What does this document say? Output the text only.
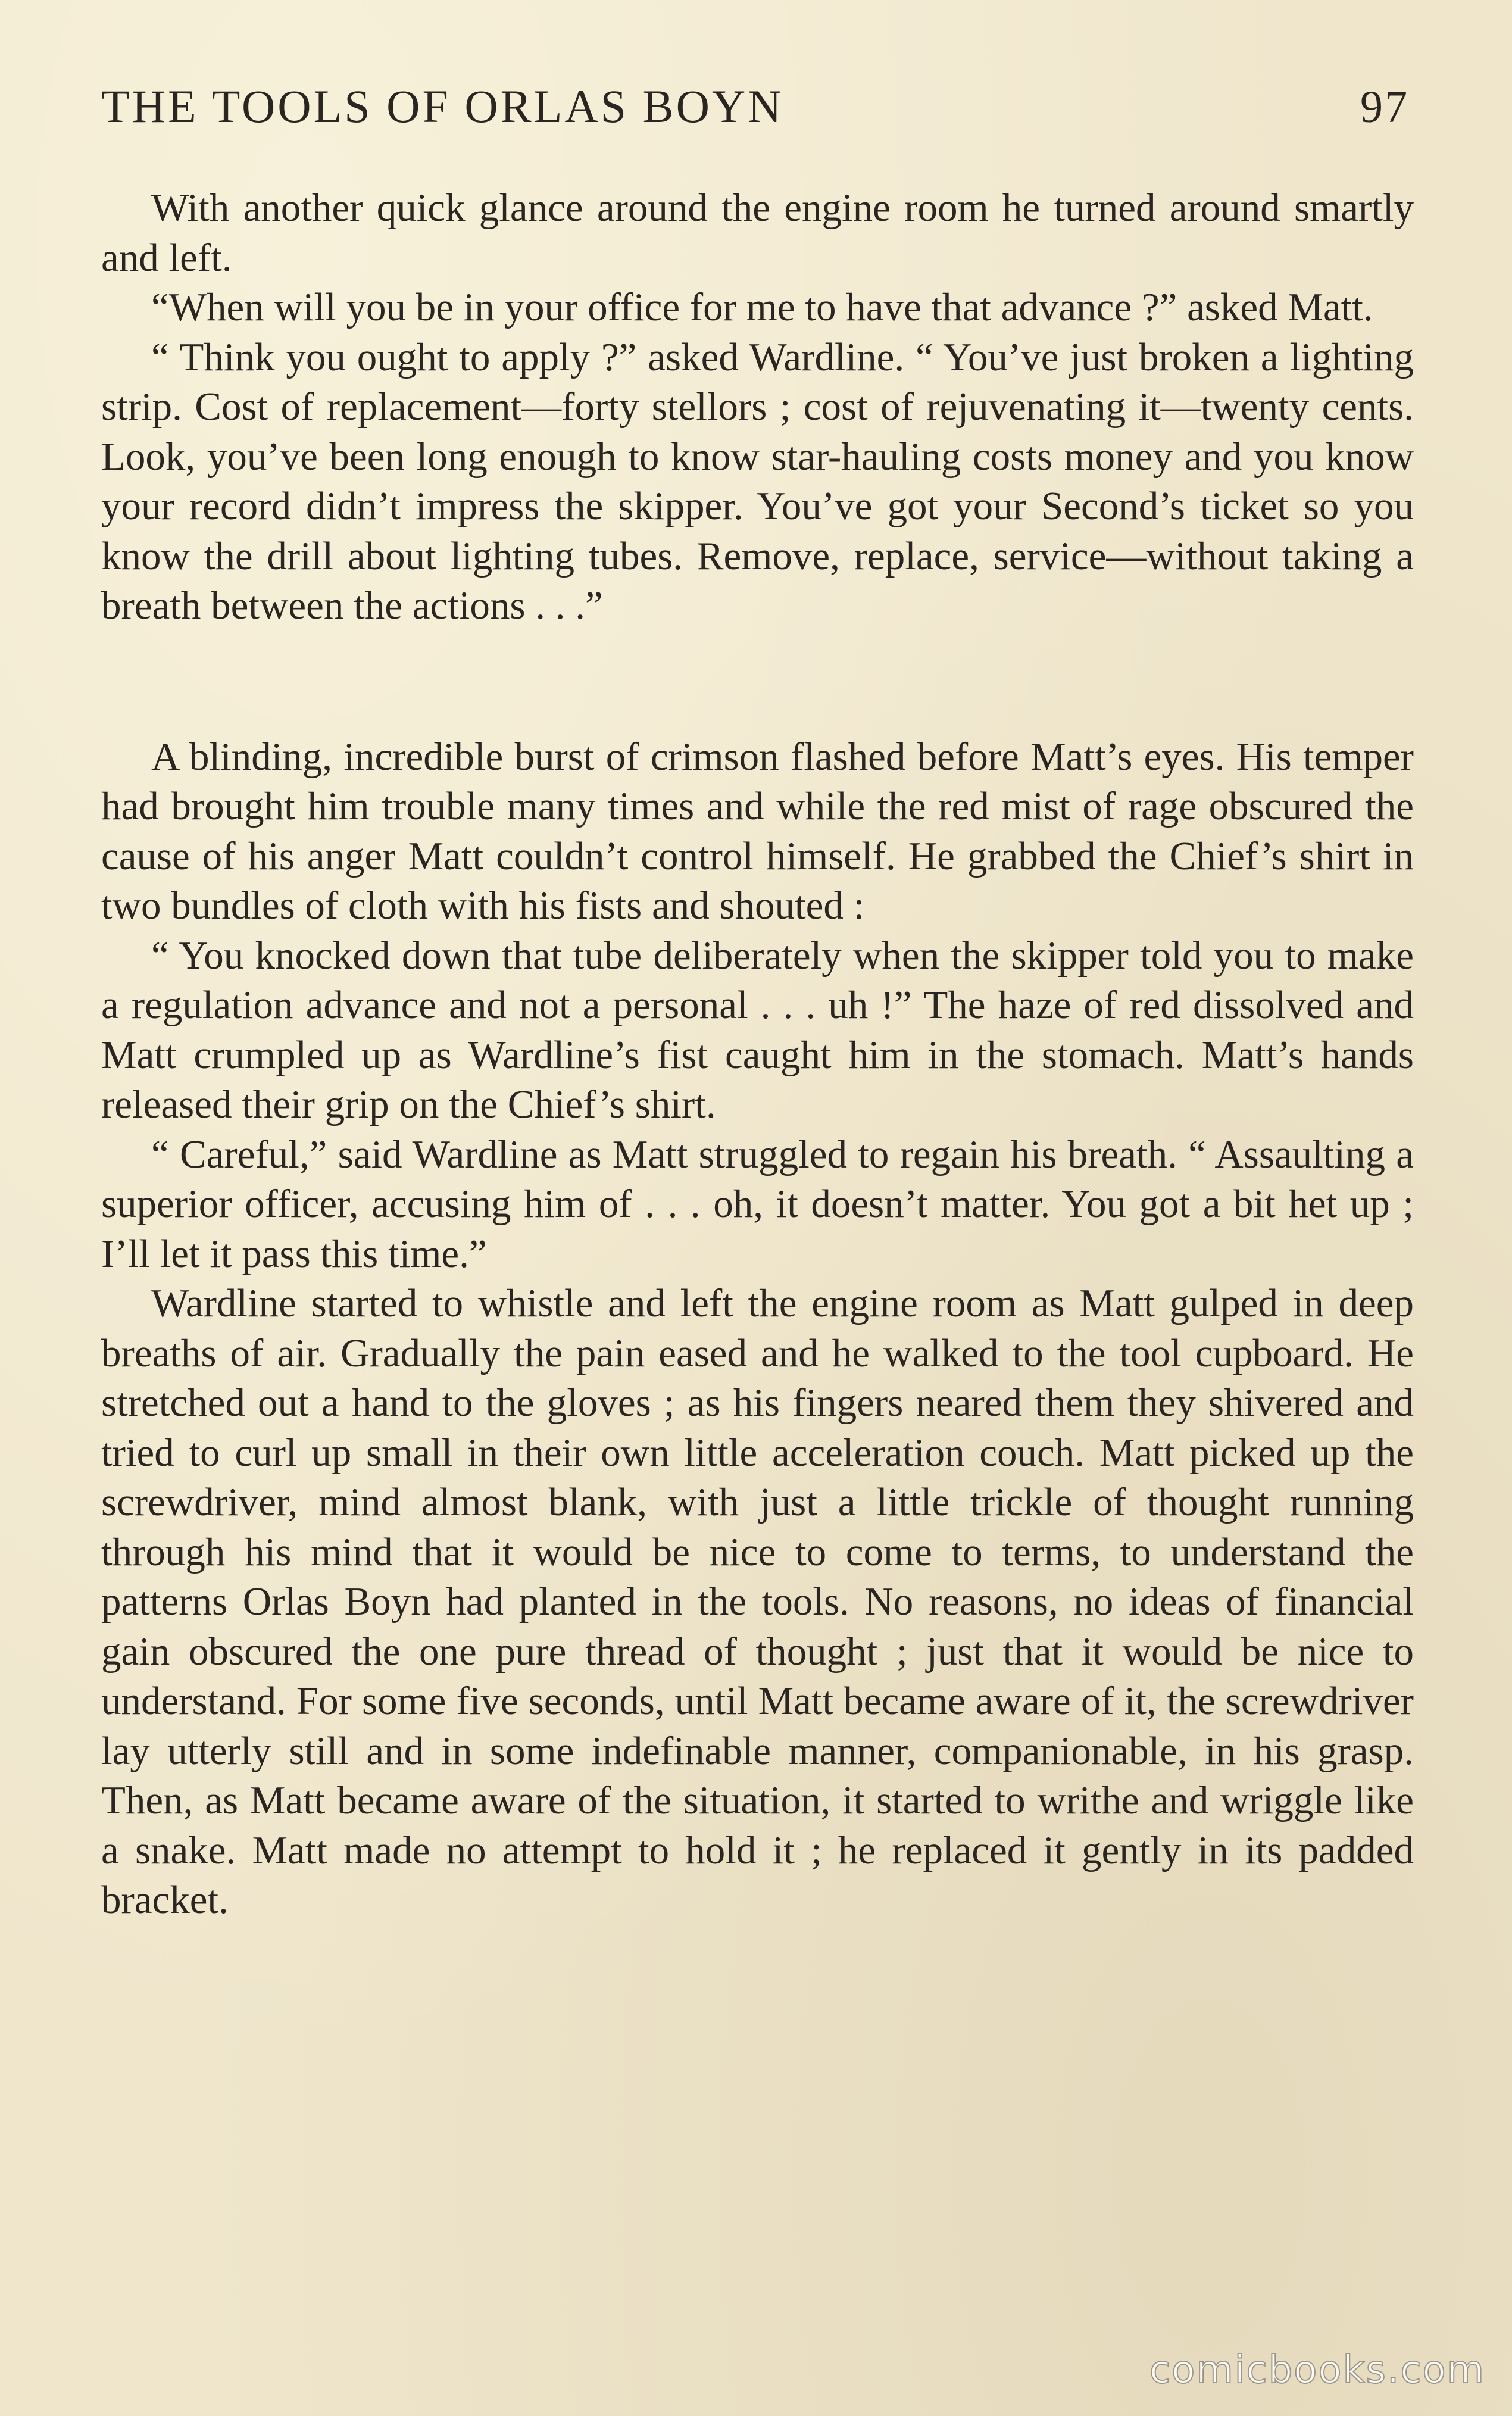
THE TOOLS OF ORLAS BOYN	97

With another quick glance around the engine room he turned around smartly and left.

“When will you be in your office for me to have that advance ?” asked Matt.

“ Think you ought to apply ?” asked Wardline. “ You’ve just broken a lighting strip. Cost of replacement—forty stellors ; cost of rejuvenating it—twenty cents. Look, you’ve been long enough to know star-hauling costs money and you know your record didn’t impress the skipper. You’ve got your Second’s ticket so you know the drill about lighting tubes. Remove, replace, service—without taking a breath between the actions . . .”

A blinding, incredible burst of crimson flashed before Matt’s eyes. His temper had brought him trouble many times and while the red mist of rage obscured the cause of his anger Matt couldn’t control himself. He grabbed the Chief’s shirt in two bundles of cloth with his fists and shouted :

“ You knocked down that tube deliberately when the skipper told you to make a regulation advance and not a personal . . . uh !” The haze of red dissolved and Matt crumpled up as Wardline’s fist caught him in the stomach. Matt’s hands released their grip on the Chief’s shirt.

“ Careful,” said Wardline as Matt struggled to regain his breath. “ Assaulting a superior officer, accusing him of . . . oh, it doesn’t matter. You got a bit het up ; I’ll let it pass this time.”

Wardline started to whistle and left the engine room as Matt gulped in deep breaths of air. Gradually the pain eased and he walked to the tool cupboard. He stretched out a hand to the gloves ; as his fingers neared them they shivered and tried to curl up small in their own little acceleration couch. Matt picked up the screwdriver, mind almost blank, with just a little trickle of thought running through his mind that it would be nice to come to terms, to understand the patterns Orlas Boyn had planted in the tools. No reasons, no ideas of financial gain obscured the one pure thread of thought ; just that it would be nice to understand. For some five seconds, until Matt became aware of it, the screwdriver lay utterly still and in some indefinable manner, companionable, in his grasp. Then, as Matt became aware of the situation, it started to writhe and wriggle like a snake. Matt made no attempt to hold it ; he replaced it gently in its padded bracket.

comicbooks.com
